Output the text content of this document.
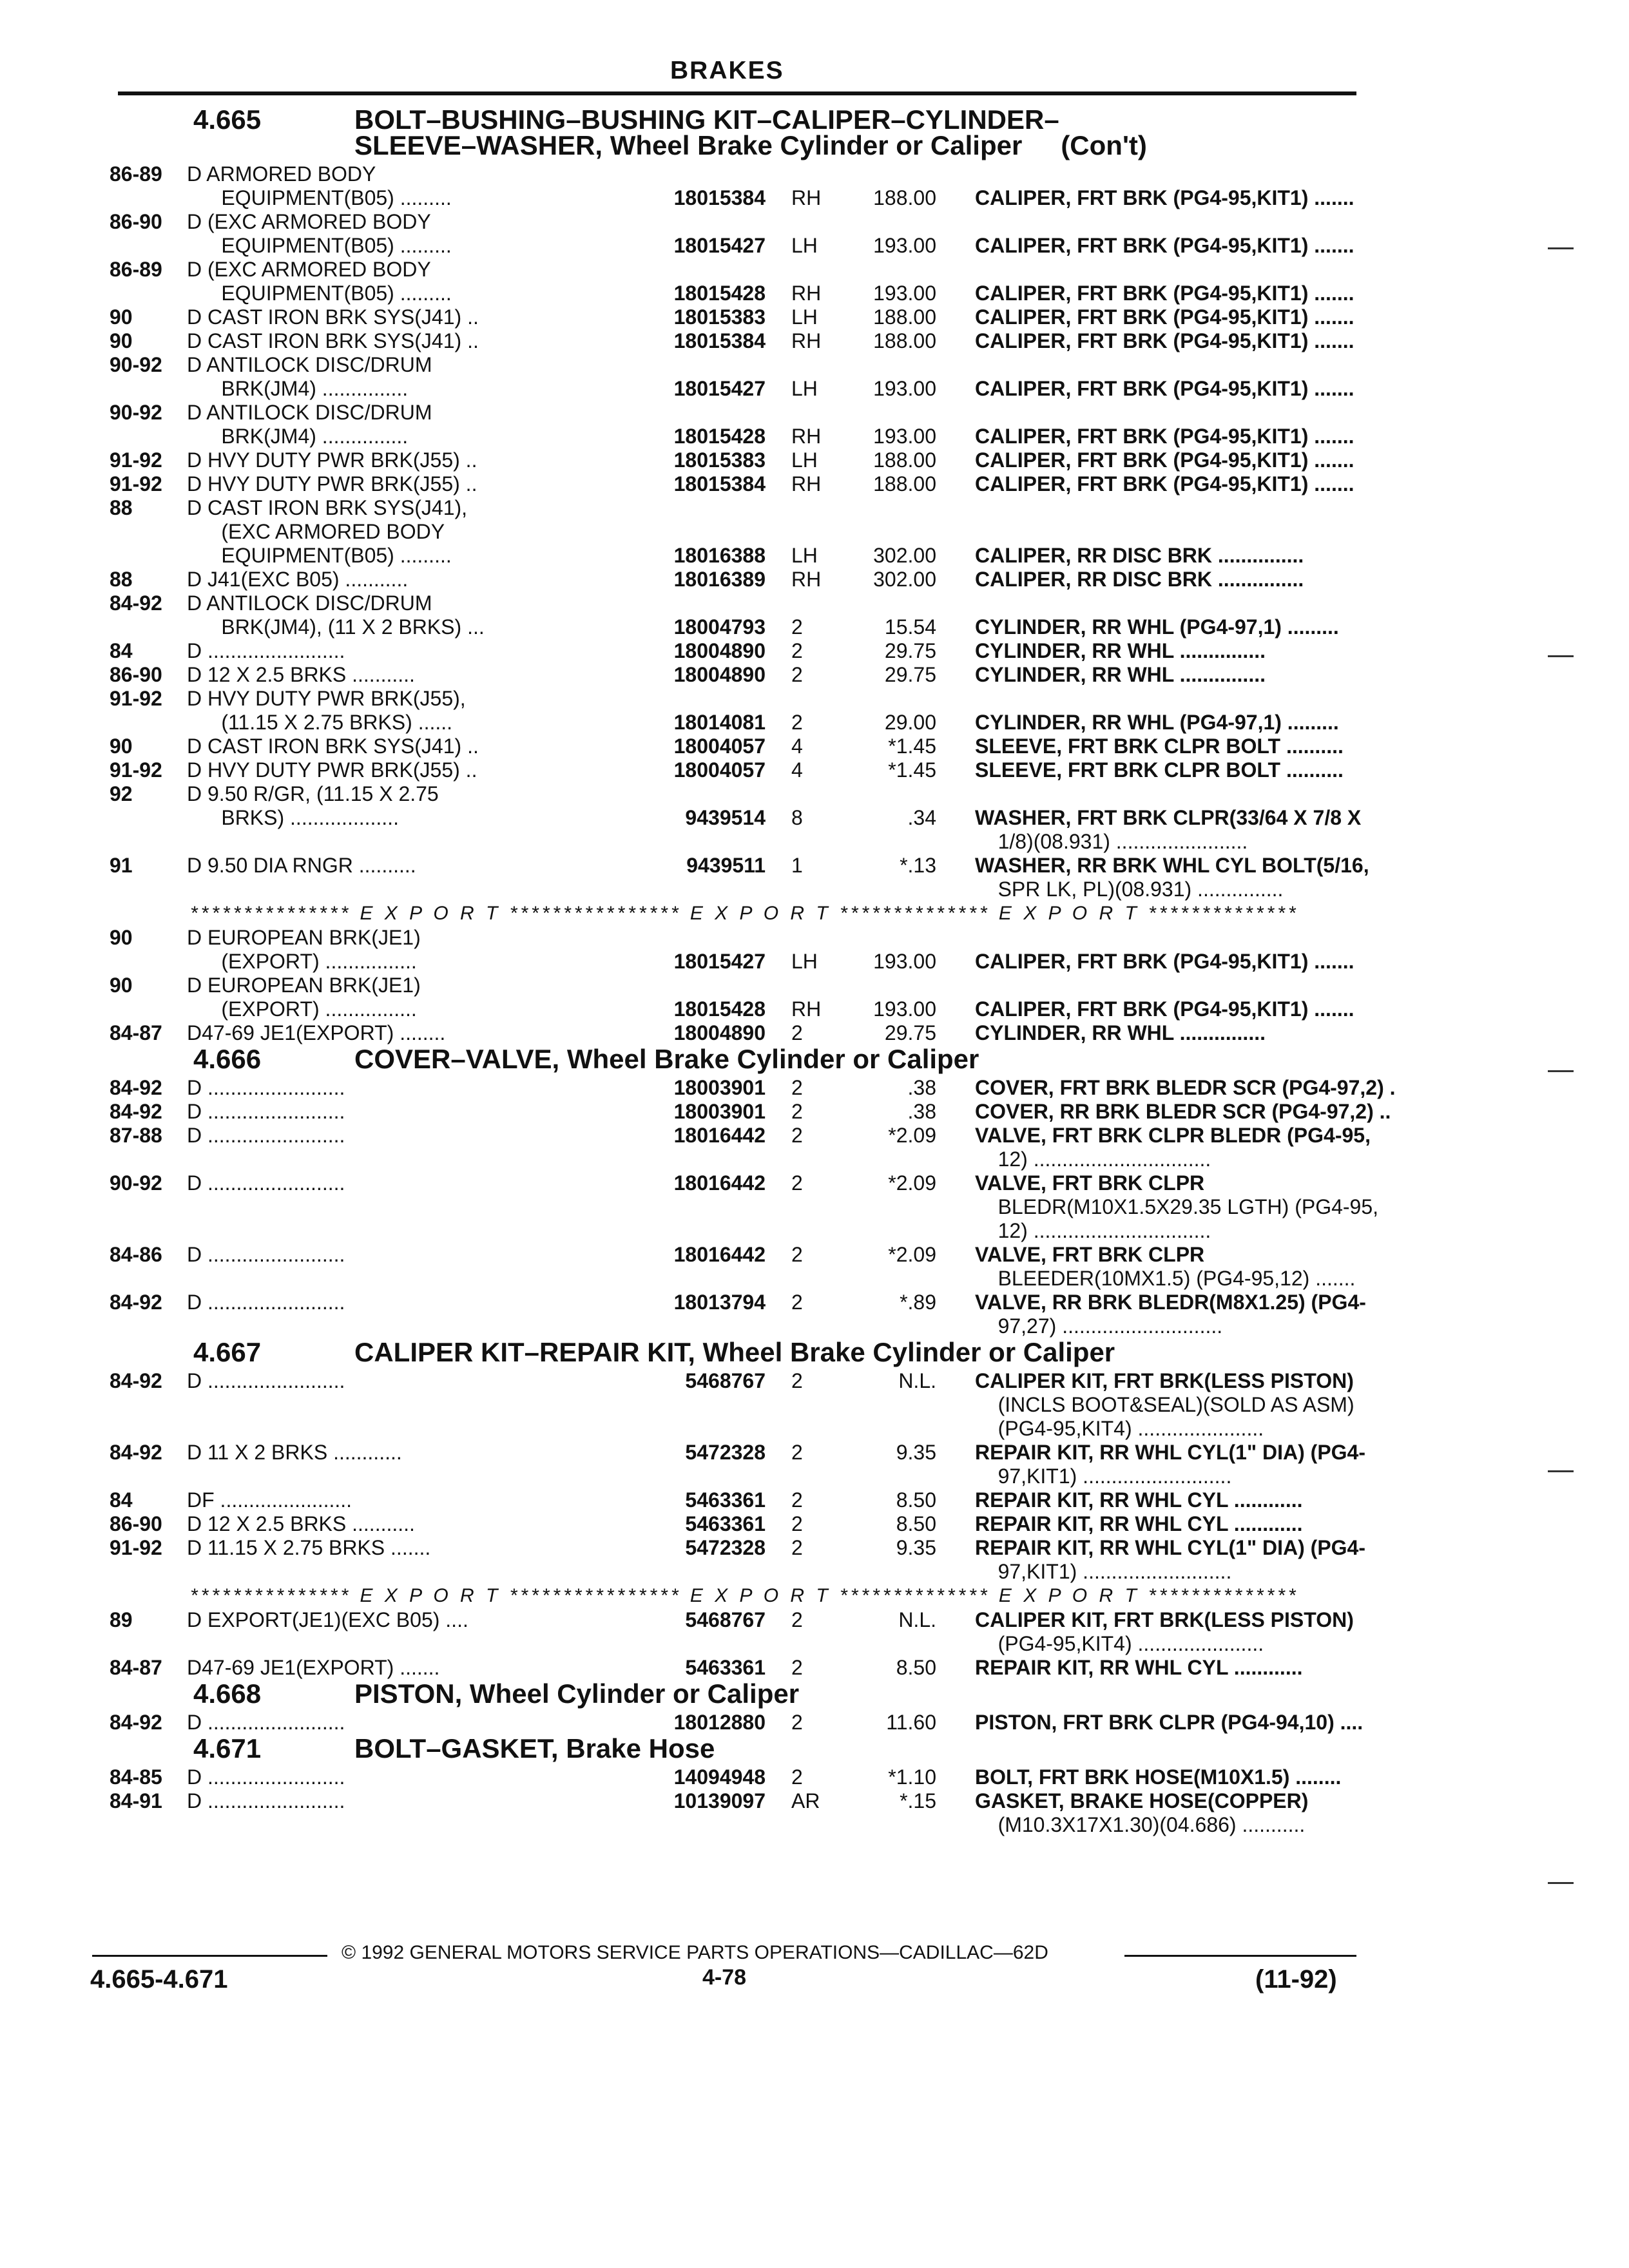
BRAKES
4.665	BOLT–BUSHING–BUSHING KIT–CALIPER–CYLINDER–
SLEEVE–WASHER, Wheel Brake Cylinder or Caliper (Con't)
86-89	D ARMORED BODY
EQUIPMENT(B05) .........	18015384	RH	188.00 CALIPER, FRT BRK (PG4-95,KIT1) .......
86-90	D (EXC ARMORED BODY
EQUIPMENT(B05) .........	18015427	LH	193.00 CALIPER, FRT BRK (PG4-95,KIT1) .......
86-89	D (EXC ARMORED BODY
EQUIPMENT(B05) .........	18015428	RH	193.00 CALIPER, FRT BRK (PG4-95,KIT1) .......
90	D CAST IRON BRK SYS(J41) ..	18015383	LH	188.00 CALIPER, FRT BRK (PG4-95,KIT1) .......
90	D CAST IRON BRK SYS(J41) ..	18015384	RH	188.00 CALIPER, FRT BRK (PG4-95,KIT1) .......
90-92	D ANTILOCK DISC/DRUM
BRK(JM4) ...............	18015427	LH	193.00 CALIPER, FRT BRK (PG4-95,KIT1) .......
90-92	D ANTILOCK DISC/DRUM
BRK(JM4) ...............	18015428	RH	193.00 CALIPER, FRT BRK (PG4-95,KIT1) .......
91-92	D HVY DUTY PWR BRK(J55) ..	18015383	LH	188.00 CALIPER, FRT BRK (PG4-95,KIT1) .......
91-92	D HVY DUTY PWR BRK(J55) ..	18015384	RH	188.00 CALIPER, FRT BRK (PG4-95,KIT1) .......
88	D CAST IRON BRK SYS(J41),
(EXC ARMORED BODY
EQUIPMENT(B05) .........	18016388	LH	302.00 CALIPER, RR DISC BRK ...............
88	D J41(EXC B05) ...........	18016389	RH	302.00 CALIPER, RR DISC BRK ...............
84-92	D ANTILOCK DISC/DRUM
BRK(JM4), (11 X 2 BRKS) ...	18004793	2	15.54 CYLINDER, RR WHL (PG4-97,1) .........
84	D ........................	18004890	2	29.75 CYLINDER, RR WHL ...............
86-90	D 12 X 2.5 BRKS ...........	18004890	2	29.75 CYLINDER, RR WHL ...............
91-92	D HVY DUTY PWR BRK(J55),
(11.15 X 2.75 BRKS) ......	18014081	2	29.00 CYLINDER, RR WHL (PG4-97,1) .........
90	D CAST IRON BRK SYS(J41) ..	18004057	4	*1.45 SLEEVE, FRT BRK CLPR BOLT ..........
91-92	D HVY DUTY PWR BRK(J55) ..	18004057	4	*1.45 SLEEVE, FRT BRK CLPR BOLT ..........
92	D 9.50 R/GR, (11.15 X 2.75
BRKS) ...................	9439514	8	.34 WASHER, FRT BRK CLPR(33/64 X 7/8 X
1/8)(08.931) .......................
91	D 9.50 DIA RNGR ..........	9439511	1	*.13 WASHER, RR BRK WHL CYL BOLT(5/16,
SPR LK, PL)(08.931) ...............
*************** E X P O R T **************** E X P O R T ************** E X P O R T **************
90	D EUROPEAN BRK(JE1)
(EXPORT) ................	18015427	LH	193.00 CALIPER, FRT BRK (PG4-95,KIT1) .......
90	D EUROPEAN BRK(JE1)
(EXPORT) ................	18015428	RH	193.00 CALIPER, FRT BRK (PG4-95,KIT1) .......
84-87	D47-69 JE1(EXPORT) ........	18004890	2	29.75 CYLINDER, RR WHL ...............
4.666	COVER–VALVE, Wheel Brake Cylinder or Caliper
84-92	D ........................	18003901	2	.38 COVER, FRT BRK BLEDR SCR (PG4-97,2) .
84-92	D ........................	18003901	2	.38 COVER, RR BRK BLEDR SCR (PG4-97,2) ..
87-88	D ........................	18016442	2	*2.09 VALVE, FRT BRK CLPR BLEDR (PG4-95,
12) ...............................
90-92	D ........................	18016442	2	*2.09 VALVE, FRT BRK CLPR
BLEDR(M10X1.5X29.35 LGTH) (PG4-95,
12) ...............................
84-86	D ........................	18016442	2	*2.09 VALVE, FRT BRK CLPR
BLEEDER(10MX1.5) (PG4-95,12) .......
84-92	D ........................	18013794	2	*.89 VALVE, RR BRK BLEDR(M8X1.25) (PG4-
97,27) ............................
4.667	CALIPER KIT–REPAIR KIT, Wheel Brake Cylinder or Caliper
84-92	D ........................	5468767	2	N.L. CALIPER KIT, FRT BRK(LESS PISTON)
(INCLS BOOT&SEAL)(SOLD AS ASM)
(PG4-95,KIT4) ......................
84-92	D 11 X 2 BRKS ............	5472328	2	9.35 REPAIR KIT, RR WHL CYL(1" DIA) (PG4-
97,KIT1) ..........................
84	DF .......................	5463361	2	8.50 REPAIR KIT, RR WHL CYL ............
86-90	D 12 X 2.5 BRKS ...........	5463361	2	8.50 REPAIR KIT, RR WHL CYL ............
91-92	D 11.15 X 2.75 BRKS .......	5472328	2	9.35 REPAIR KIT, RR WHL CYL(1" DIA) (PG4-
97,KIT1) ..........................
*************** E X P O R T **************** E X P O R T ************** E X P O R T **************
89	D EXPORT(JE1)(EXC B05) ....	5468767	2	N.L. CALIPER KIT, FRT BRK(LESS PISTON)
(PG4-95,KIT4) ......................
84-87	D47-69 JE1(EXPORT) .......	5463361	2	8.50 REPAIR KIT, RR WHL CYL ............
4.668	PISTON, Wheel Cylinder or Caliper
84-92	D ........................	18012880	2	11.60 PISTON, FRT BRK CLPR (PG4-94,10) ....
4.671	BOLT–GASKET, Brake Hose
84-85	D ........................	14094948	2	*1.10 BOLT, FRT BRK HOSE(M10X1.5) ........
84-91	D ........................	10139097	AR	*.15 GASKET, BRAKE HOSE(COPPER)
(M10.3X17X1.30)(04.686) ...........
© 1992 GENERAL MOTORS SERVICE PARTS OPERATIONS—CADILLAC—62D
4.665-4.671	4-78	(11-92)
